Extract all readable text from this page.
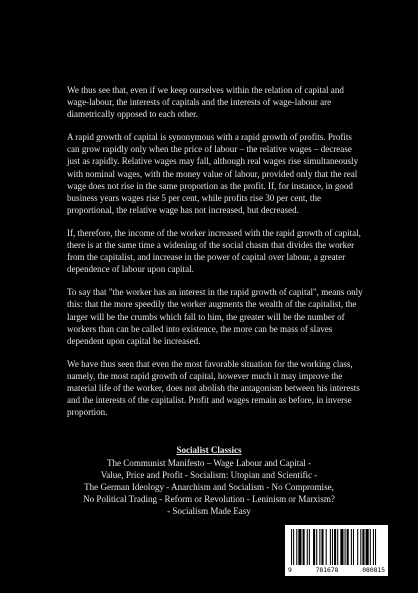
We thus see that, even if we keep ourselves within the relation of capital and wage-labour, the interests of capitals and the interests of wage-labour are diametrically opposed to each other.

A rapid growth of capital is synonymous with a rapid growth of profits. Profits can grow rapidly only when the price of labour – the relative wages – decrease just as rapidly. Relative wages may fall, although real wages rise simultaneously with nominal wages, with the money value of labour, provided only that the real wage does not rise in the same proportion as the profit. If, for instance, in good business years wages rise 5 per cent, while profits rise 30 per cent, the proportional, the relative wage has not increased, but decreased.

If, therefore, the income of the worker increased with the rapid growth of capital, there is at the same time a widening of the social chasm that divides the worker from the capitalist, and increase in the power of capital over labour, a greater dependence of labour upon capital.

To say that "the worker has an interest in the rapid growth of capital", means only this: that the more speedily the worker augments the wealth of the capitalist, the larger will be the crumbs which fall to him, the greater will be the number of workers than can be called into existence, the more can be mass of slaves dependent upon capital be increased.

We have thus seen that even the most favorable situation for the working class, namely, the most rapid growth of capital, however much it may improve the material life of the worker, does not abolish the antagonism between his interests and the interests of the capitalist. Profit and wages remain as before, in inverse proportion.

Socialist Classics
The Communist Manifesto – Wage Labour and Capital -
Value, Price and Profit - Socialism: Utopian and Scientific -
The German Ideology - Anarchism and Socialism - No Compromise,
No Political Trading - Reform or Revolution - Leninism or Marxism?
- Socialism Made Easy
9	781678	080815
